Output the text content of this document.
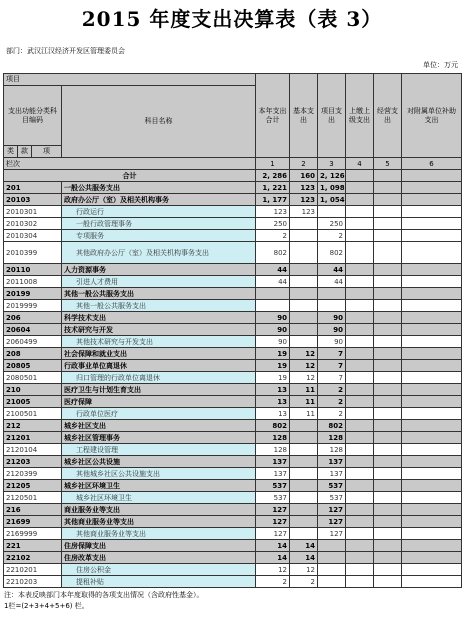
2015 年度支出决算表（表 3）
部门：武汉江汉经济开发区管理委员会
单位：万元
项目				本年支出合计	基本支出	项目支出	上缴上级支出	经营支出	对附属单位补助支出
支出功能分类科目编码			科目名称						
类	款	项							
栏次				1	2	3	4	5	6
合计				2, 286	160	2, 126			
201			一般公共服务支出	1, 221	123	1, 098			
20103			政府办公厅（室）及相关机构事务	1, 177	123	1, 054			
2010301			行政运行	123	123				
2010302			一般行政管理事务	250		250			
2010304			专项服务	2		2			
2010399			其他政府办公厅（室）及相关机构事务支出	802		802			
20110			人力资源事务	44		44			
2011008			引进人才费用	44		44			
20199			其他一般公共服务支出						
2019999			其他一般公共服务支出						
206			科学技术支出	90		90			
20604			技术研究与开发	90		90			
2060499			其他技术研究与开发支出	90		90			
208			社会保障和就业支出	19	12	7			
20805			行政事业单位离退休	19	12	7			
2080501			归口管理的行政单位离退休	19	12	7			
210			医疗卫生与计划生育支出	13	11	2			
21005			医疗保障	13	11	2			
2100501			行政单位医疗	13	11	2			
212			城乡社区支出	802		802			
21201			城乡社区管理事务	128		128			
2120104			工程建设管理	128		128			
21203			城乡社区公共设施	137		137			
2120399			其他城乡社区公共设施支出	137		137			
21205			城乡社区环境卫生	537		537			
2120501			城乡社区环境卫生	537		537			
216			商业服务业等支出	127		127			
21699			其他商业服务业等支出	127		127			
2169999			其他商业服务业等支出	127		127			
221			住房保障支出	14	14				
22102			住房改革支出	14	14				
2210201			住房公积金	12	12				
2210203			提租补贴	2	2				
注：本表反映部门本年度取得的各项支出情况（含政府性基金）。
1栏=(2+3+4+5+6) 栏。
